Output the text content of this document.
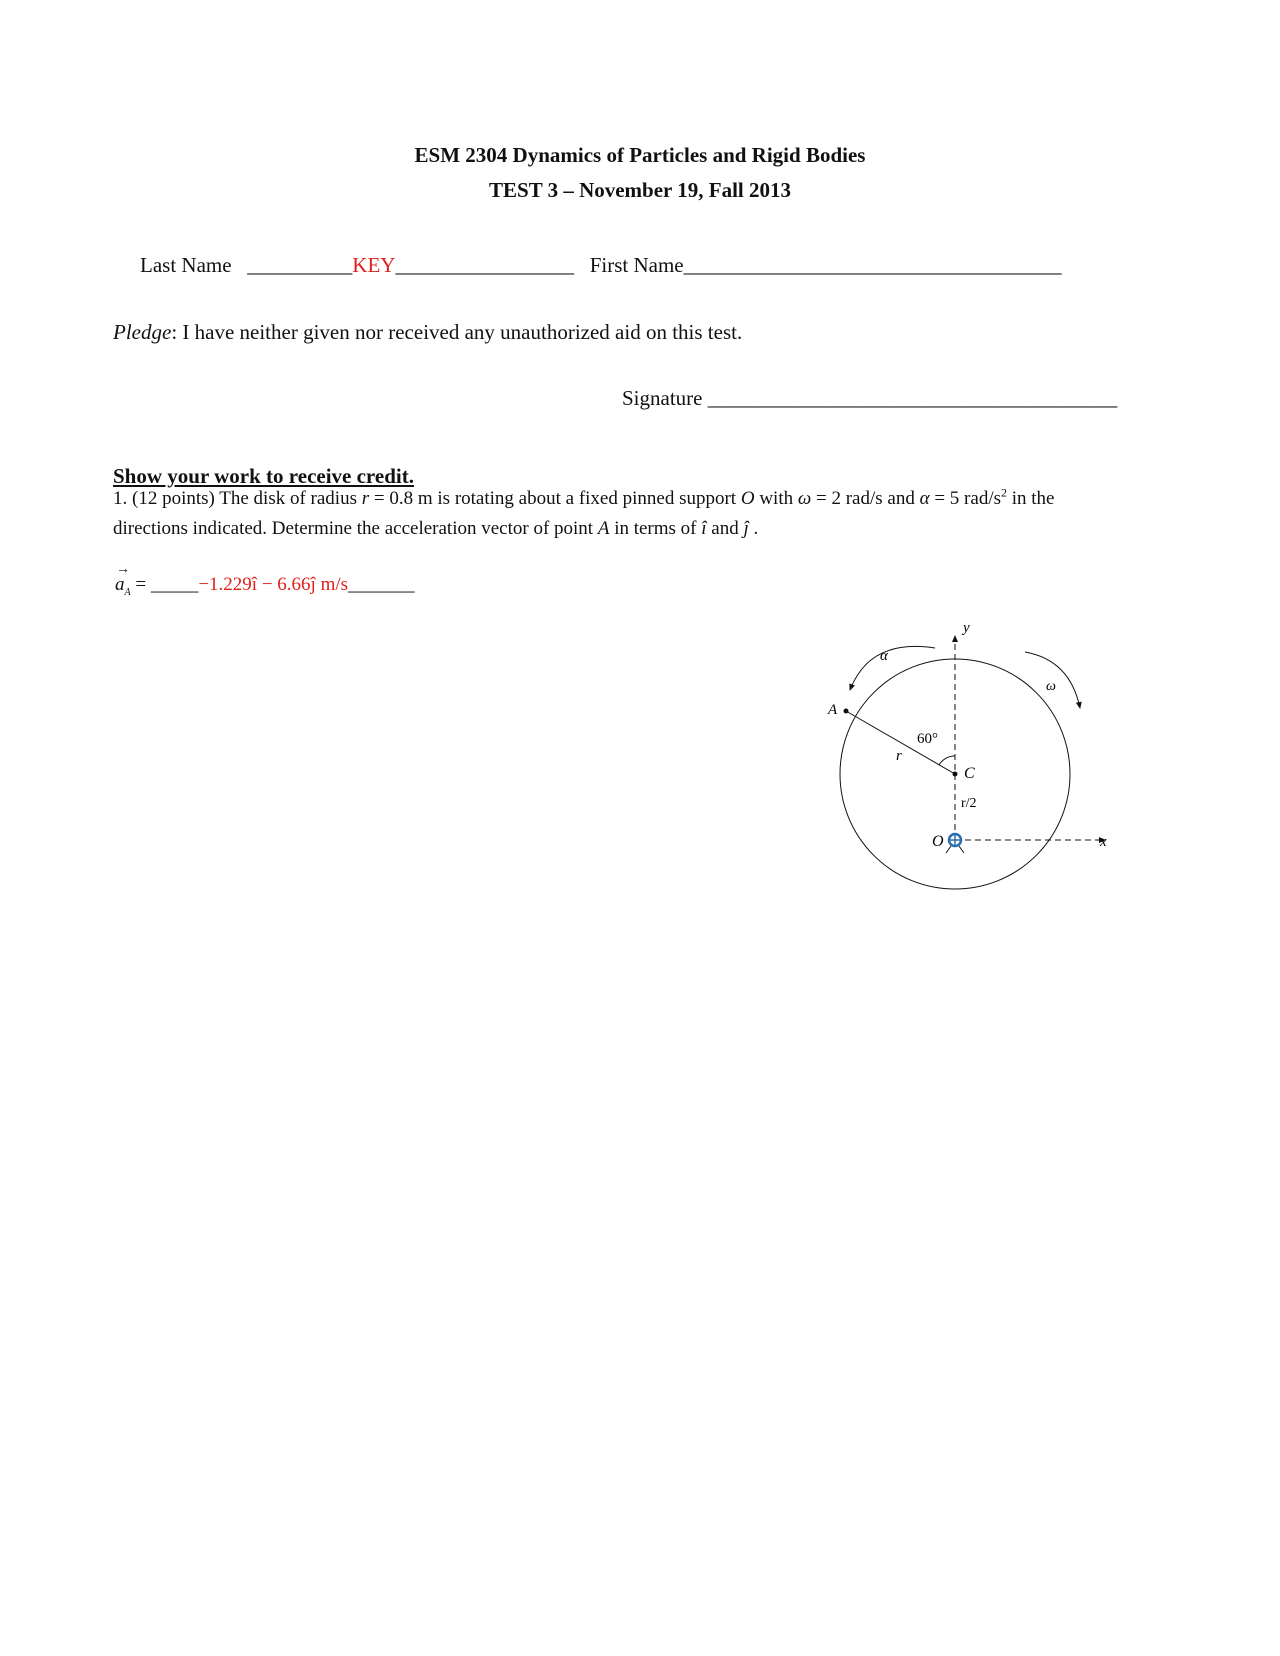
ESM 2304 Dynamics of Particles and Rigid Bodies
TEST 3 – November 19, Fall 2013
Last Name __________KEY_________________ First Name____________________________________
Pledge: I have neither given nor received any unauthorized aid on this test.
Signature _______________________________________
Show your work to receive credit.
1. (12 points) The disk of radius r = 0.8 m is rotating about a fixed pinned support O with ω = 2 rad/s and α = 5 rad/$s^2$ in the
directions indicated. Determine the acceleration vector of point A in terms of î and ĵ .
→
$a_A$ = _____−1.229î − 6.66ĵ m/s_______
y
x
α
ω
A
C
O
r
r/2
60°
